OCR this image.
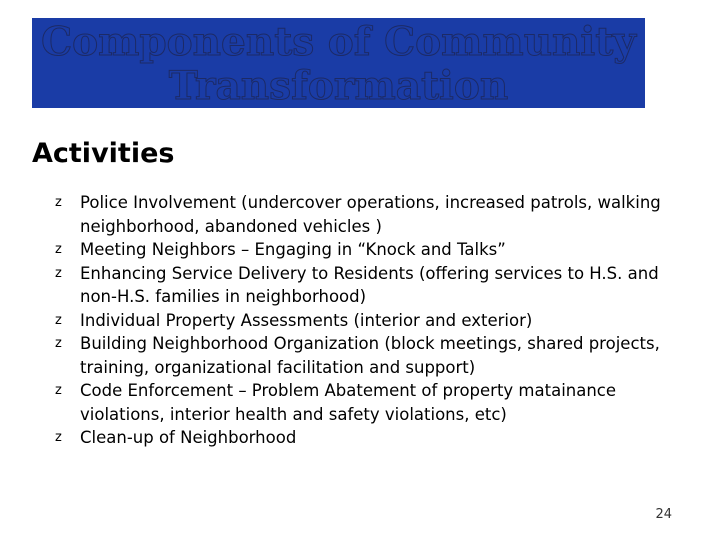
Components of Community Transformation
Activities
z	Police Involvement (undercover operations, increased patrols, walking neighborhood, abandoned vehicles )
z	Meeting Neighbors – Engaging in “Knock and Talks”
z	Enhancing Service Delivery to Residents (offering services to H.S. and non-H.S. families in neighborhood)
z	Individual Property Assessments (interior and exterior)
z	Building Neighborhood Organization (block meetings, shared projects, training, organizational facilitation and support)
z	Code Enforcement – Problem Abatement of property matainance violations, interior health and safety violations, etc)
z	Clean-up of Neighborhood

24
